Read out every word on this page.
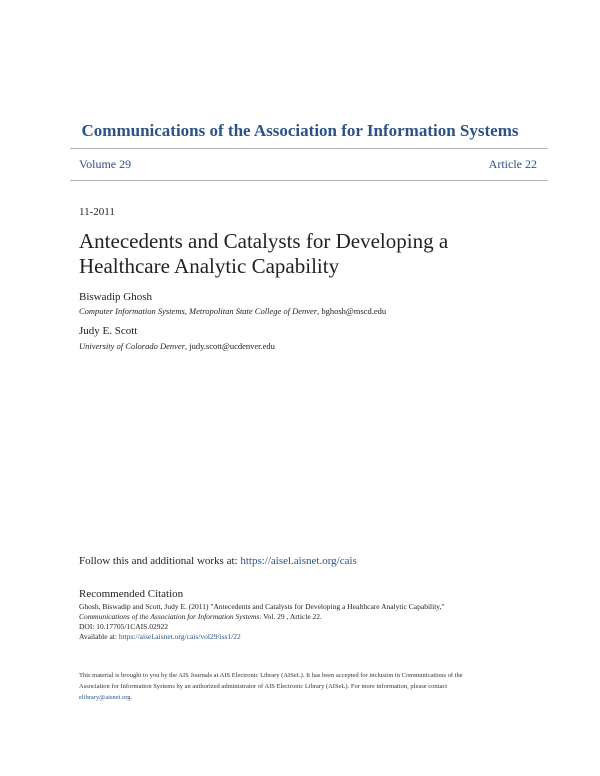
Communications of the Association for Information Systems
Volume 29	Article 22
11-2011
Antecedents and Catalysts for Developing a
Healthcare Analytic Capability
Biswadip Ghosh
Computer Information Systems, Metropolitan State College of Denver, bghosh@mscd.edu
Judy E. Scott
University of Colorado Denver, judy.scott@ucdenver.edu
Follow this and additional works at: https://aisel.aisnet.org/cais
Recommended Citation
Ghosh, Biswadip and Scott, Judy E. (2011) "Antecedents and Catalysts for Developing a Healthcare Analytic Capability,"
Communications of the Association for Information Systems: Vol. 29 , Article 22.
DOI: 10.17705/1CAIS.02922
Available at: https://aisel.aisnet.org/cais/vol29/iss1/22
This material is brought to you by the AIS Journals at AIS Electronic Library (AISeL). It has been accepted for inclusion in Communications of the
Association for Information Systems by an authorized administrator of AIS Electronic Library (AISeL). For more information, please contact
elibrary@aisnet.org.
